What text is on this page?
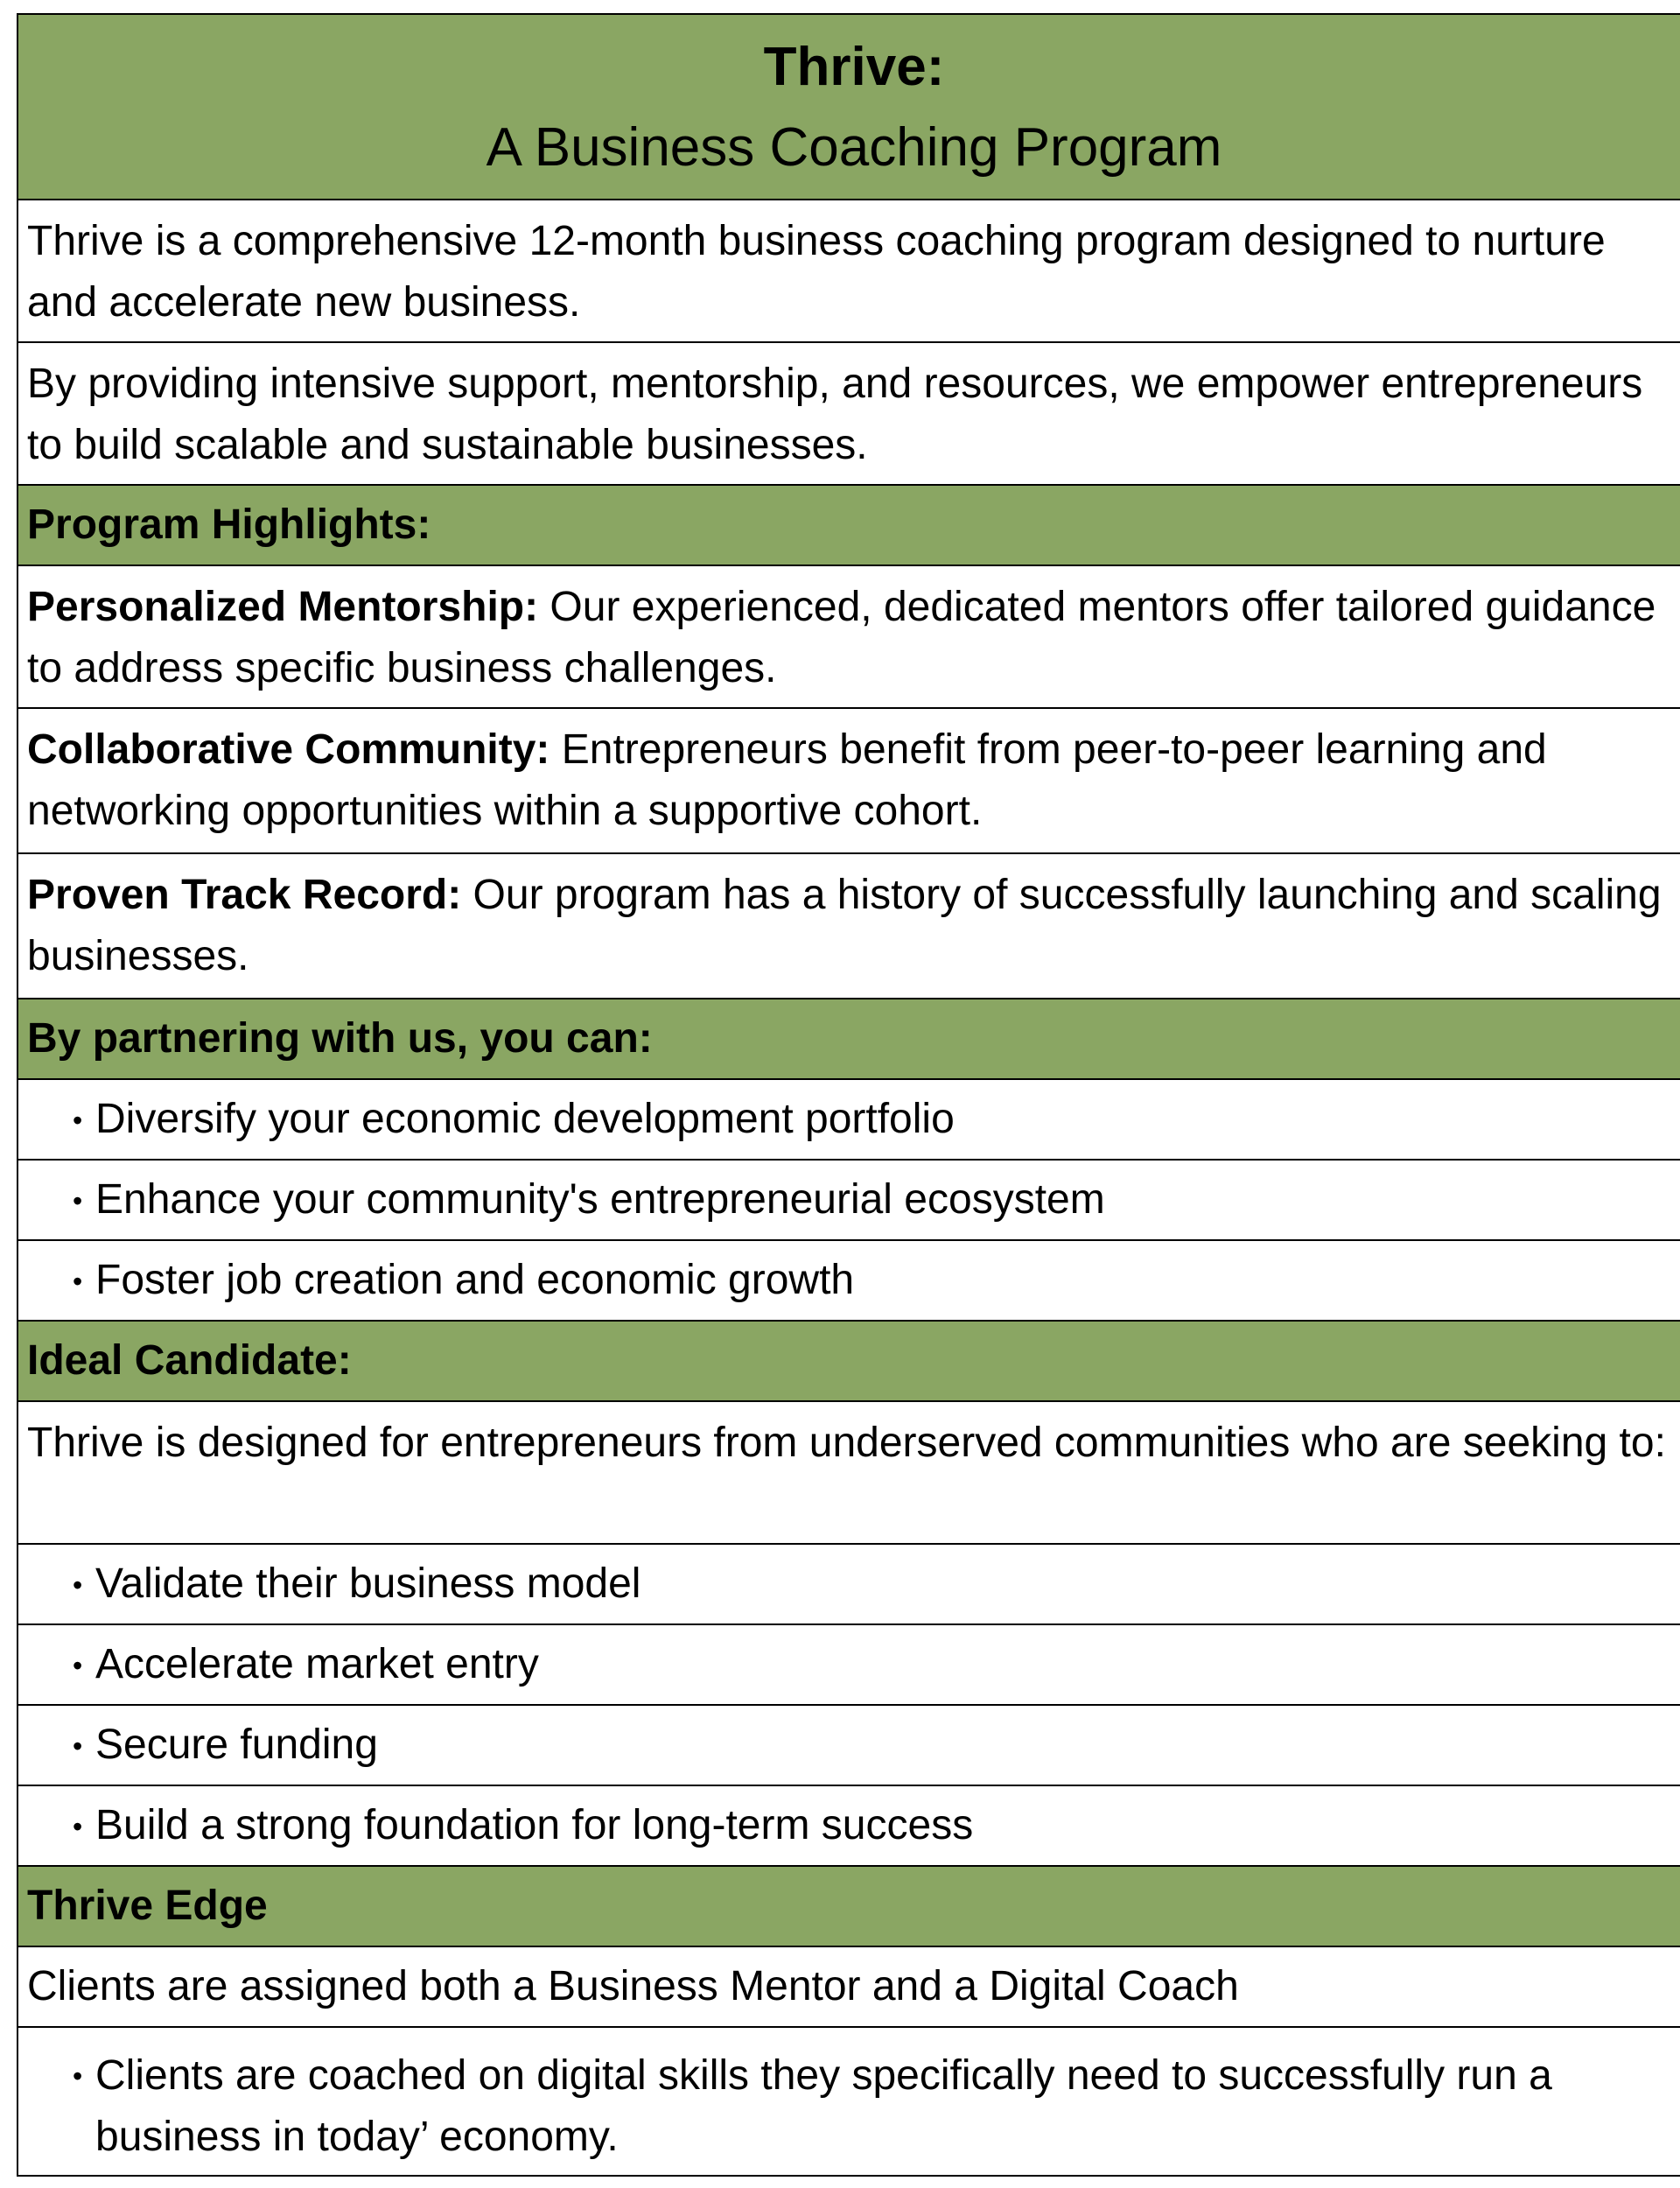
Thrive:
A Business Coaching Program
Thrive is a comprehensive 12-month business coaching program designed to nurture and accelerate new business.
By providing intensive support, mentorship, and resources, we empower entrepreneurs to build scalable and sustainable businesses.
Program Highlights:
Personalized Mentorship: Our experienced, dedicated mentors offer tailored guidance to address specific business challenges.
Collaborative Community: Entrepreneurs benefit from peer-to-peer learning and networking opportunities within a supportive cohort.
Proven Track Record: Our program has a history of successfully launching and scaling businesses.
By partnering with us, you can:
• Diversify your economic development portfolio
• Enhance your community's entrepreneurial ecosystem
• Foster job creation and economic growth
Ideal Candidate:
Thrive is designed for entrepreneurs from underserved communities who are seeking to:
• Validate their business model
• Accelerate market entry
• Secure funding
• Build a strong foundation for long-term success
Thrive Edge
Clients are assigned both a Business Mentor and a Digital Coach
• Clients are coached on digital skills they specifically need to successfully run a business in today’ economy.
